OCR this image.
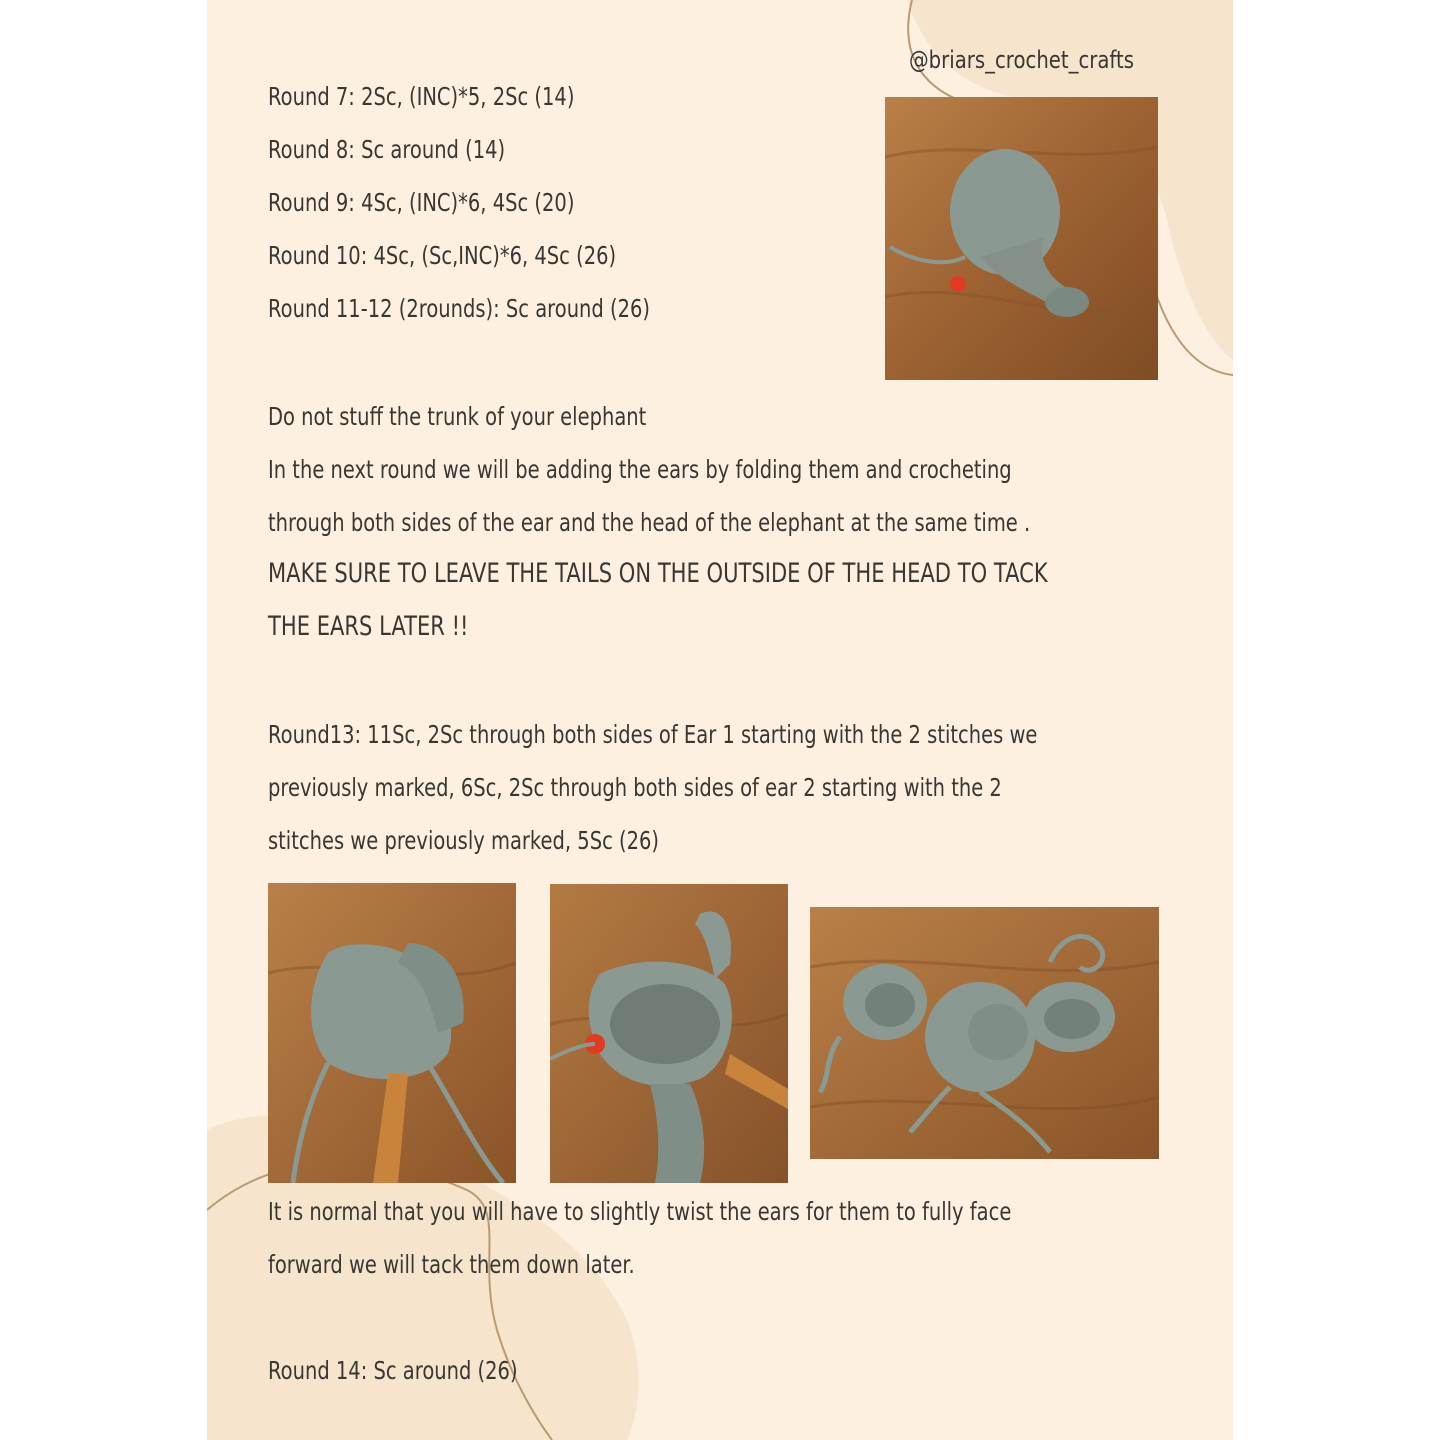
@briars_crochet_crafts
Round 7: 2Sc, (INC)*5, 2Sc (14)
Round 8: Sc around (14)
Round 9: 4Sc, (INC)*6, 4Sc (20)
Round 10: 4Sc, (Sc,INC)*6, 4Sc (26)
Round 11-12 (2rounds): Sc around (26)
Do not stuff the trunk of your elephant
In the next round we will be adding the ears by folding them and crocheting
through both sides of the ear and the head of the elephant at the same time .
MAKE SURE TO LEAVE THE TAILS ON THE OUTSIDE OF THE HEAD TO TACK
THE EARS LATER !!
Round13: 11Sc, 2Sc through both sides of Ear 1 starting with the 2 stitches we
previously marked, 6Sc, 2Sc through both sides of ear 2 starting with the 2
stitches we previously marked, 5Sc (26)
It is normal that you will have to slightly twist the ears for them to fully face
forward we will tack them down later.
Round 14: Sc around (26)
